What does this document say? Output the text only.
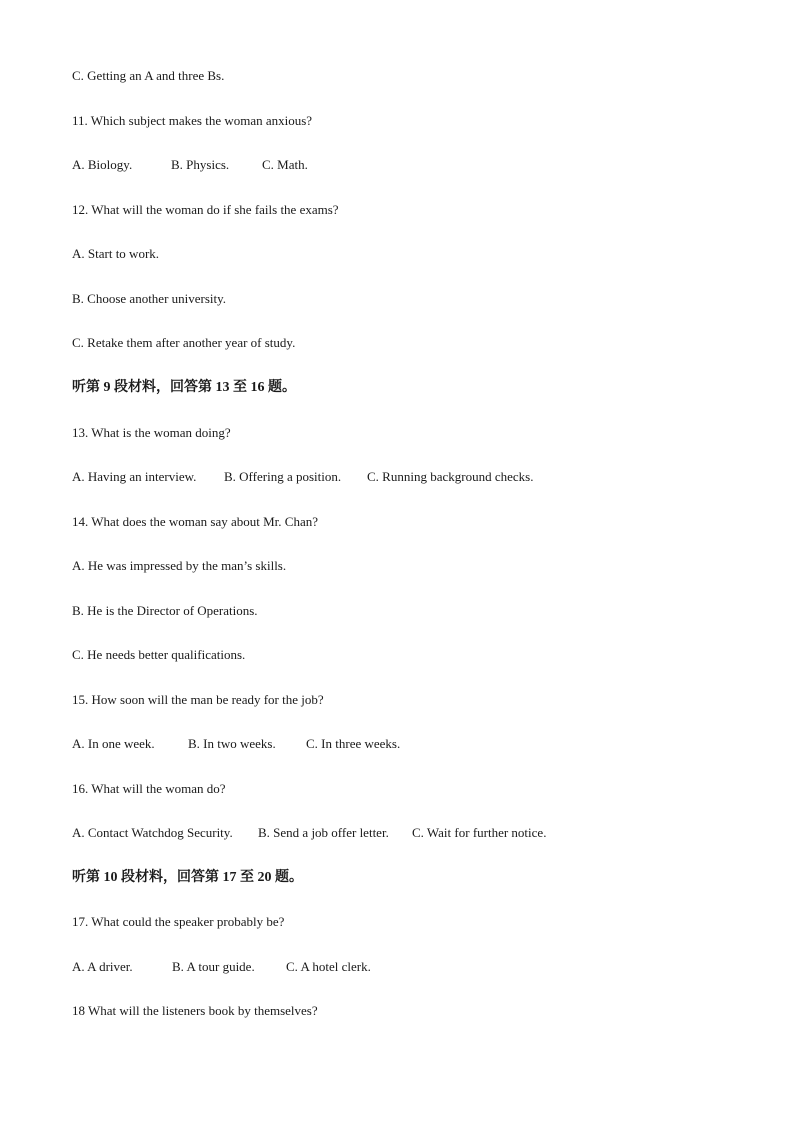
C. Getting an A and three Bs.
11. Which subject makes the woman anxious?
A. Biology.	B. Physics.	C. Math.
12. What will the woman do if she fails the exams?
A. Start to work.
B. Choose another university.
C. Retake them after another year of study.
听第 9 段材料，回答第 13 至 16 题。
13. What is the woman doing?
A. Having an interview. B. Offering a position. C. Running background checks.
14. What does the woman say about Mr. Chan?
A. He was impressed by the man’s skills.
B. He is the Director of Operations.
C. He needs better qualifications.
15. How soon will the man be ready for the job?
A. In one week.	B. In two weeks. C. In three weeks.
16. What will the woman do?
A. Contact Watchdog Security. B. Send a job offer letter. C. Wait for further notice.
听第 10 段材料，回答第 17 至 20 题。
17. What could the speaker probably be?
A. A driver.	B. A tour guide. C. A hotel clerk.
18 What will the listeners book by themselves?
